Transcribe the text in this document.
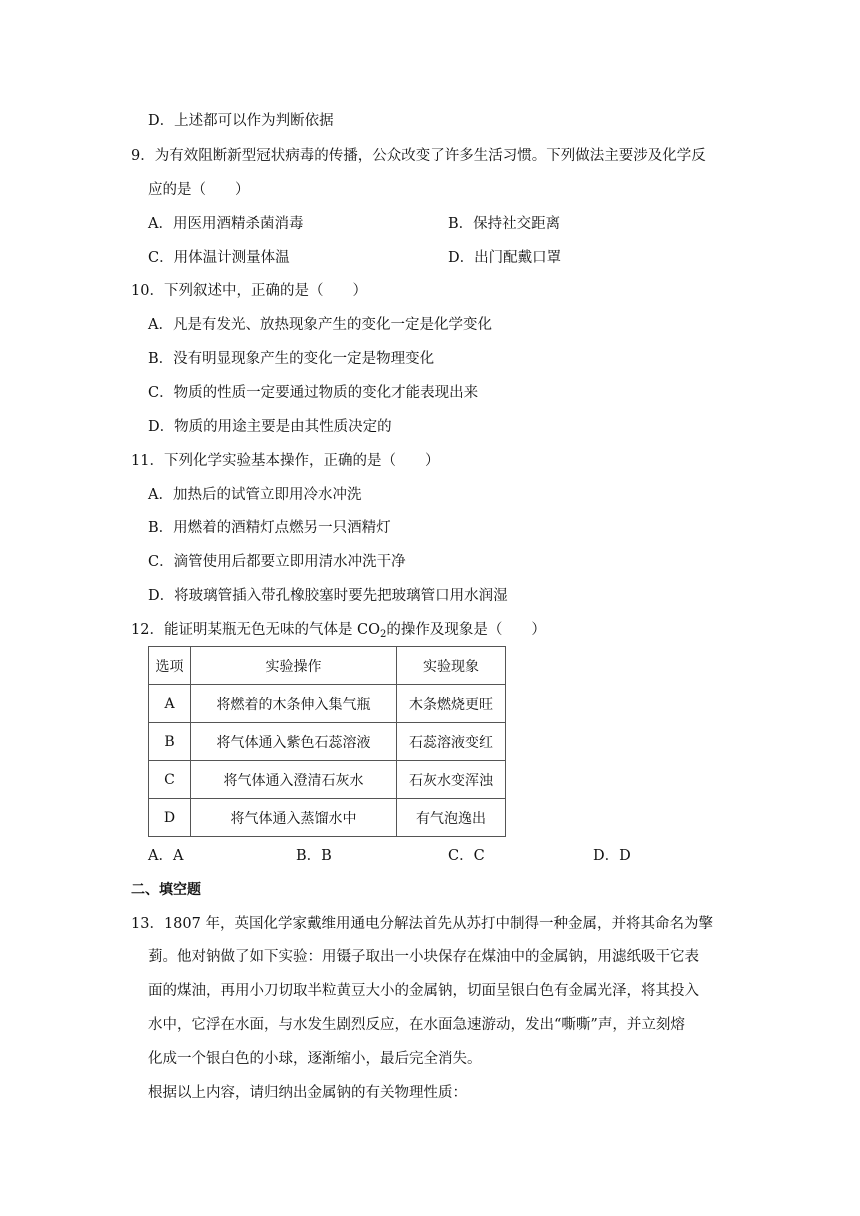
D．上述都可以作为判断依据
9．为有效阻断新型冠状病毒的传播，公众改变了许多生活习惯。下列做法主要涉及化学反
应的是（　　）
A．用医用酒精杀菌消毒	B．保持社交距离
C．用体温计测量体温	D．出门配戴口罩
10．下列叙述中，正确的是（　　）
A．凡是有发光、放热现象产生的变化一定是化学变化
B．没有明显现象产生的变化一定是物理变化
C．物质的性质一定要通过物质的变化才能表现出来
D．物质的用途主要是由其性质决定的
11．下列化学实验基本操作，正确的是（　　）
A．加热后的试管立即用冷水冲洗
B．用燃着的酒精灯点燃另一只酒精灯
C．滴管使用后都要立即用清水冲洗干净
D．将玻璃管插入带孔橡胶塞时要先把玻璃管口用水润湿
12．能证明某瓶无色无味的气体是 $CO_2$的操作及现象是（　　）
选项	实验操作	实验现象
A	将燃着的木条伸入集气瓶	木条燃烧更旺
B	将气体通入紫色石蕊溶液	石蕊溶液变红
C	将气体通入澄清石灰水	石灰水变浑浊
D	将气体通入蒸馏水中	有气泡逸出
A．A	B．B	C．C	D．D
二、填空题
13．1807 年，英国化学家戴维用通电分解法首先从苏打中制得一种金属，并将其命名为擎
菿。他对钠做了如下实验：用镊子取出一小块保存在煤油中的金属钠，用滤纸吸干它表
面的煤油，再用小刀切取半粒黄豆大小的金属钠，切面呈银白色有金属光泽，将其投入
水中，它浮在水面，与水发生剧烈反应，在水面急速游动，发出“嘶嘶”声，并立刻熔
化成一个银白色的小球，逐渐缩小，最后完全消失。
根据以上内容，请归纳出金属钠的有关物理性质：
